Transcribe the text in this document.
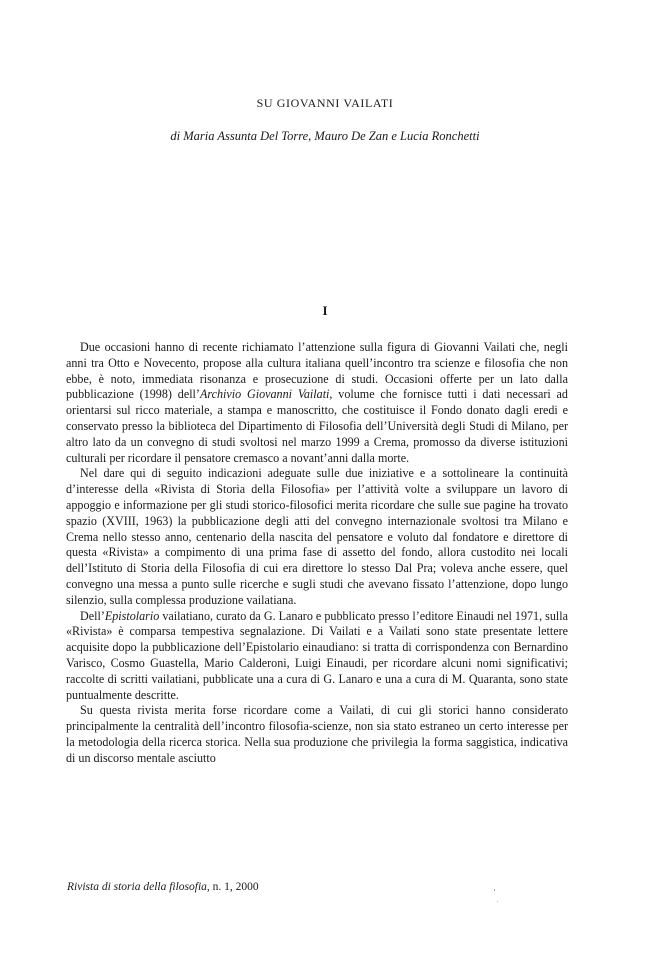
SU GIOVANNI VAILATI
di Maria Assunta Del Torre, Mauro De Zan e Lucia Ronchetti
I

Due occasioni hanno di recente richiamato l’attenzione sulla figura di Giovanni Vailati che, negli anni tra Otto e Novecento, propose alla cultura italiana quell’incontro tra scienze e filosofia che non ebbe, è noto, immediata risonanza e prosecuzione di studi. Occasioni offerte per un lato dalla pubblicazione (1998) dell’Archivio Giovanni Vailati, volume che fornisce tutti i dati necessari ad orientarsi sul ricco materiale, a stampa e manoscritto, che costituisce il Fondo donato dagli eredi e conservato presso la biblioteca del Dipartimento di Filosofia dell’Università degli Studi di Milano, per altro lato da un convegno di studi svoltosi nel marzo 1999 a Crema, promosso da diverse istituzioni culturali per ricordare il pensatore cremasco a novant’anni dalla morte.

Nel dare qui di seguito indicazioni adeguate sulle due iniziative e a sottolineare la continuità d’interesse della «Rivista di Storia della Filosofia» per l’attività volte a sviluppare un lavoro di appoggio e informazione per gli studi storico-filosofici merita ricordare che sulle sue pagine ha trovato spazio (XVIII, 1963) la pubblicazione degli atti del convegno internazionale svoltosi tra Milano e Crema nello stesso anno, centenario della nascita del pensatore e voluto dal fondatore e direttore di questa «Rivista» a compimento di una prima fase di assetto del fondo, allora custodito nei locali dell’Istituto di Storia della Filosofia di cui era direttore lo stesso Dal Pra; voleva anche essere, quel convegno una messa a punto sulle ricerche e sugli studi che avevano fissato l’attenzione, dopo lungo silenzio, sulla complessa produzione vailatiana.

Dell’Epistolario vailatiano, curato da G. Lanaro e pubblicato presso l’editore Einaudi nel 1971, sulla «Rivista» è comparsa tempestiva segnalazione. Di Vailati e a Vailati sono state presentate lettere acquisite dopo la pubblicazione dell’Epistolario einaudiano: si tratta di corrispondenza con Bernardino Varisco, Cosmo Guastella, Mario Calderoni, Luigi Einaudi, per ricordare alcuni nomi significativi; raccolte di scritti vailatiani, pubblicate una a cura di G. Lanaro e una a cura di M. Quaranta, sono state puntualmente descritte.

Su questa rivista merita forse ricordare come a Vailati, di cui gli storici hanno considerato principalmente la centralità dell’incontro filosofia-scienze, non sia stato estraneo un certo interesse per la metodologia della ricerca storica. Nella sua produzione che privilegia la forma saggistica, indicativa di un discorso mentale asciutto

Rivista di storia della filosofia, n. 1, 2000
